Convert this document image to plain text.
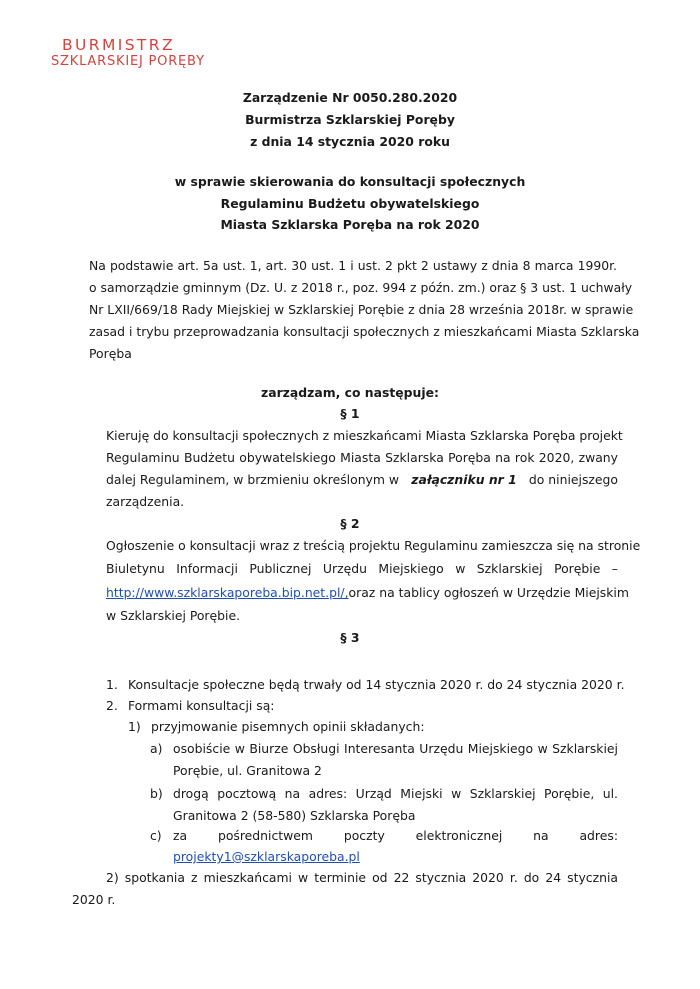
BURMISTRZ
SZKLARSKIEJ PORĘBY
Zarządzenie Nr 0050.280.2020
Burmistrza Szklarskiej Poręby
z dnia 14 stycznia 2020 roku
w sprawie skierowania do konsultacji społecznych
Regulaminu Budżetu obywatelskiego
Miasta Szklarska Poręba na rok 2020
Na podstawie art. 5a ust. 1, art. 30 ust. 1 i ust. 2 pkt 2 ustawy z dnia 8 marca 1990r.
o samorządzie gminnym (Dz. U. z 2018 r., poz. 994 z późn. zm.) oraz § 3 ust. 1 uchwały
Nr LXII/669/18 Rady Miejskiej w Szklarskiej Porębie z dnia 28 września 2018r. w sprawie
zasad i trybu przeprowadzania konsultacji społecznych z mieszkańcami Miasta Szklarska
Poręba
zarządzam, co następuje:
§ 1
Kieruję do konsultacji społecznych z mieszkańcami Miasta Szklarska Poręba projekt
Regulaminu Budżetu obywatelskiego Miasta Szklarska Poręba na rok 2020, zwany
dalej Regulaminem, w brzmieniu określonym w załączniku nr 1 do niniejszego
zarządzenia.
§ 2
Ogłoszenie o konsultacji wraz z treścią projektu Regulaminu zamieszcza się na stronie
Biuletynu Informacji Publicznej Urzędu Miejskiego w Szklarskiej Porębie –
http://www.szklarskaporeba.bip.net.pl/, oraz na tablicy ogłoszeń w Urzędzie Miejskim
w Szklarskiej Porębie.
§ 3
1. Konsultacje społeczne będą trwały od 14 stycznia 2020 r. do 24 stycznia 2020 r.
2. Formami konsultacji są:
1) przyjmowanie pisemnych opinii składanych:
a) osobiście w Biurze Obsługi Interesanta Urzędu Miejskiego w Szklarskiej
Porębie, ul. Granitowa 2
b) drogą pocztową na adres: Urząd Miejski w Szklarskiej Porębie, ul.
Granitowa 2 (58-580) Szklarska Poręba
c) za pośrednictwem poczty elektronicznej na adres:
projekty1@szklarskaporeba.pl
2) spotkania z mieszkańcami w terminie od 22 stycznia 2020 r. do 24 stycznia
2020 r.
